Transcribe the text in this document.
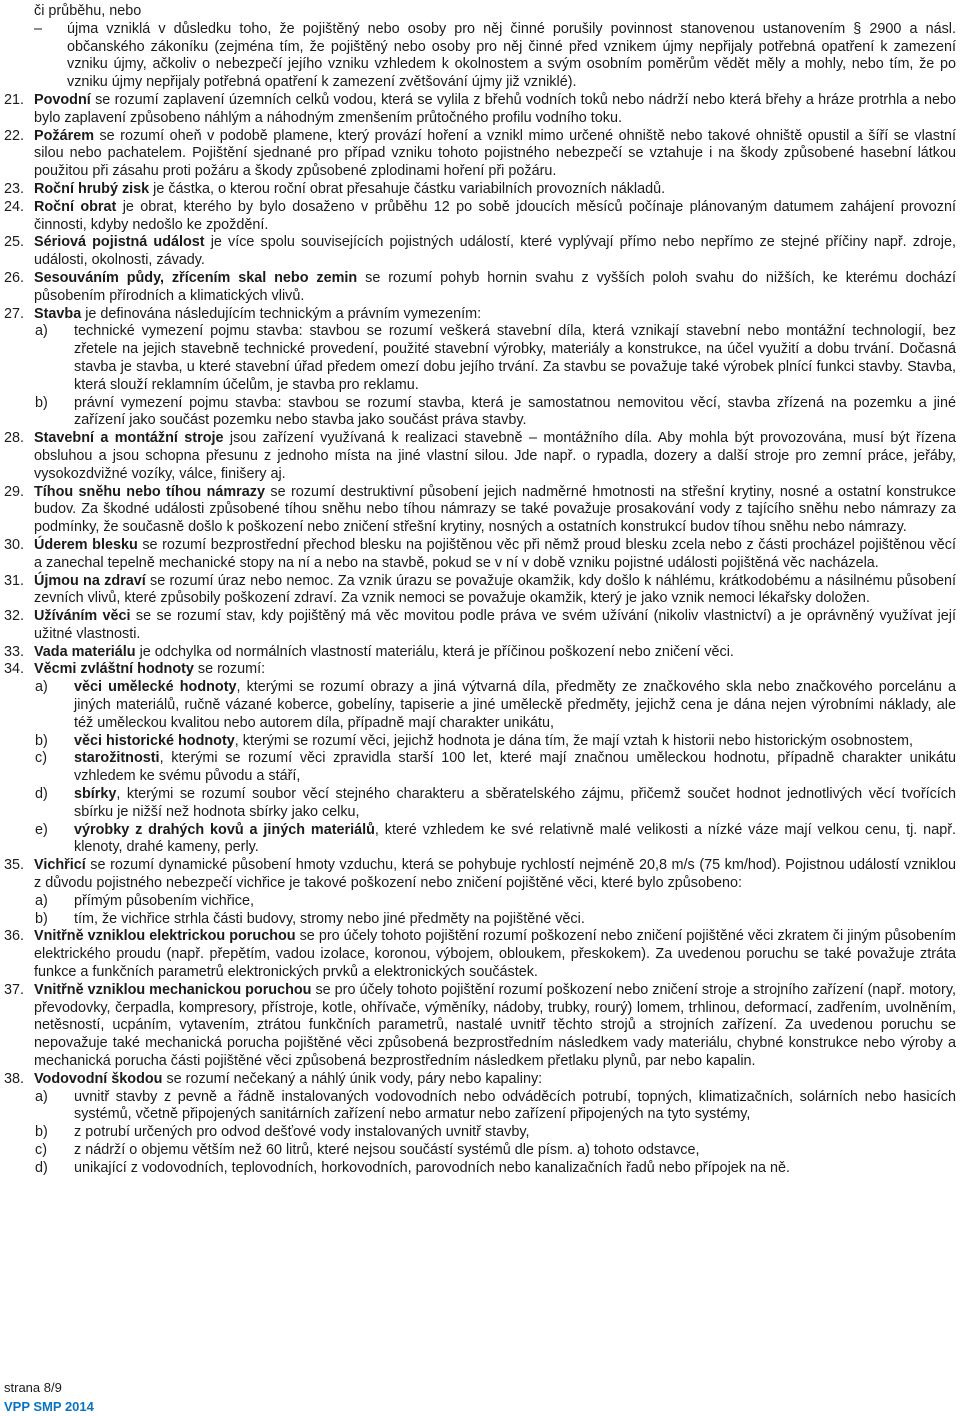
či průběhu, nebo
– újma vzniklá v důsledku toho, že pojištěný nebo osoby pro něj činné porušily povinnost stanovenou ustanovením § 2900 a násl. občanského zákoníku (zejména tím, že pojištěný nebo osoby pro něj činné před vznikem újmy nepřijaly potřebná opatření k zamezení vzniku újmy, ačkoliv o nebezpečí jejího vzniku vzhledem k okolnostem a svým osobním poměrům vědět měly a mohly, nebo tím, že po vzniku újmy nepřijaly potřebná opatření k zamezení zvětšování újmy již vzniklé).
21. Povodní se rozumí zaplavení územních celků vodou, která se vylila z břehů vodních toků nebo nádrží nebo která břehy a hráze protrhla a nebo bylo zaplavení způsobeno náhlým a náhodným zmenšením průtočného profilu vodního toku.
22. Požárem se rozumí oheň v podobě plamene, který provází hoření a vznikl mimo určené ohniště nebo takové ohniště opustil a šíří se vlastní silou nebo pachatelem. Pojištění sjednané pro případ vzniku tohoto pojistného nebezpečí se vztahuje i na škody způsobené hasební látkou použitou při zásahu proti požáru a škody způsobené zplodinami hoření při požáru.
23. Roční hrubý zisk je částka, o kterou roční obrat přesahuje částku variabilních provozních nákladů.
24. Roční obrat je obrat, kterého by bylo dosaženo v průběhu 12 po sobě jdoucích měsíců počínaje plánovaným datumem zahájení provozní činnosti, kdyby nedošlo ke zpoždění.
25. Sériová pojistná událost je více spolu souvisejících pojistných událostí, které vyplývají přímo nebo nepřímo ze stejné příčiny např. zdroje, události, okolnosti, závady.
26. Sesouváním půdy, zřícením skal nebo zemin se rozumí pohyb hornin svahu z vyšších poloh svahu do nižších, ke kterému dochází působením přírodních a klimatických vlivů.
27. Stavba je definována následujícím technickým a právním vymezením:
a) technické vymezení pojmu stavba: stavbou se rozumí veškerá stavební díla, která vznikají stavební nebo montážní technologií, bez zřetele na jejich stavebně technické provedení, použité stavební výrobky, materiály a konstrukce, na účel využití a dobu trvání. Dočasná stavba je stavba, u které stavební úřad předem omezí dobu jejího trvání. Za stavbu se považuje také výrobek plnící funkci stavby. Stavba, která slouží reklamním účelům, je stavba pro reklamu.
b) právní vymezení pojmu stavba: stavbou se rozumí stavba, která je samostatnou nemovitou věcí, stavba zřízená na pozemku a jiné zařízení jako součást pozemku nebo stavba jako součást práva stavby.
28. Stavební a montážní stroje jsou zařízení využívaná k realizaci stavebně – montážního díla. Aby mohla být provozována, musí být řízena obsluhou a jsou schopna přesunu z jednoho místa na jiné vlastní silou. Jde např. o rypadla, dozery a další stroje pro zemní práce, jeřáby, vysokozdvižné vozíky, válce, finišery aj.
29. Tíhou sněhu nebo tíhou námrazy se rozumí destruktivní působení jejich nadměrné hmotnosti na střešní krytiny, nosné a ostatní konstrukce budov. Za škodné události způsobené tíhou sněhu nebo tíhou námrazy se také považuje prosakování vody z tajícího sněhu nebo námrazy za podmínky, že současně došlo k poškození nebo zničení střešní krytiny, nosných a ostatních konstrukcí budov tíhou sněhu nebo námrazy.
30. Úderem blesku se rozumí bezprostřední přechod blesku na pojištěnou věc při němž proud blesku zcela nebo z části procházel pojištěnou věcí a zanechal tepelně mechanické stopy na ní a nebo na stavbě, pokud se v ní v době vzniku pojistné události pojištěná věc nacházela.
31. Újmou na zdraví se rozumí úraz nebo nemoc. Za vznik úrazu se považuje okamžik, kdy došlo k náhlému, krátkodobému a násilnému působení zevních vlivů, které způsobily poškození zdraví. Za vznik nemoci se považuje okamžik, který je jako vznik nemoci lékařsky doložen.
32. Užíváním věci se se rozumí stav, kdy pojištěný má věc movitou podle práva ve svém užívání (nikoliv vlastnictví) a je oprávněný využívat její užitné vlastnosti.
33. Vada materiálu je odchylka od normálních vlastností materiálu, která je příčinou poškození nebo zničení věci.
34. Věcmi zvláštní hodnoty se rozumí:
a) věci umělecké hodnoty, kterými se rozumí obrazy a jiná výtvarná díla, předměty ze značkového skla nebo značkového porcelánu a jiných materiálů, ručně vázané koberce, gobelíny, tapiserie a jiné uměleckě předměty, jejichž cena je dána nejen výrobními náklady, ale též uměleckou kvalitou nebo autorem díla, případně mají charakter unikátu,
b) věci historické hodnoty, kterými se rozumí věci, jejichž hodnota je dána tím, že mají vztah k historii nebo historickým osobnostem,
c) starožitnosti, kterými se rozumí věci zpravidla starší 100 let, které mají značnou uměleckou hodnotu, případně charakter unikátu vzhledem ke svému původu a stáří,
d) sbírky, kterými se rozumí soubor věcí stejného charakteru a sběratelského zájmu, přičemž součet hodnot jednotlivých věcí tvořících sbírku je nižší než hodnota sbírky jako celku,
e) výrobky z drahých kovů a jiných materiálů, které vzhledem ke své relativně malé velikosti a nízké váze mají velkou cenu, tj. např. klenoty, drahé kameny, perly.
35. Vichřicí se rozumí dynamické působení hmoty vzduchu, která se pohybuje rychlostí nejméně 20,8 m/s (75 km/hod). Pojistnou událostí vzniklou z důvodu pojistného nebezpečí vichřice je takové poškození nebo zničení pojištěné věci, které bylo způsobeno:
a) přímým působením vichřice,
b) tím, že vichřice strhla části budovy, stromy nebo jiné předměty na pojištěné věci.
36. Vnitřně vzniklou elektrickou poruchou se pro účely tohoto pojištění rozumí poškození nebo zničení pojištěné věci zkratem či jiným působením elektrického proudu (např. přepětím, vadou izolace, koronou, výbojem, obloukem, přeskokem). Za uvedenou poruchu se také považuje ztráta funkce a funkčních parametrů elektronických prvků a elektronických součástek.
37. Vnitřně vzniklou mechanickou poruchou se pro účely tohoto pojištění rozumí poškození nebo zničení stroje a strojního zařízení (např. motory, převodovky, čerpadla, kompresory, přístroje, kotle, ohřívače, výměníky, nádoby, trubky, rourý) lomem, trhlinou, deformací, zadřením, uvolněním, netěsností, ucpáním, vytavením, ztrátou funkčních parametrů, nastalé uvnitř těchto strojů a strojních zařízení. Za uvedenou poruchu se nepovažuje také mechanická porucha pojištěné věci způsobená bezprostředním následkem vady materiálu, chybné konstrukce nebo výroby a mechanická porucha části pojištěné věci způsobená bezprostředním následkem přetlaku plynů, par nebo kapalin.
38. Vodovodní škodou se rozumí nečekaný a náhlý únik vody, páry nebo kapaliny:
a) uvnitř stavby z pevně a řádně instalovaných vodovodních nebo odváděcích potrubí, topných, klimatizačních, solárních nebo hasicích systémů, včetně připojených sanitárních zařízení nebo armatur nebo zařízení připojených na tyto systémy,
b) z potrubí určených pro odvod dešťové vody instalovaných uvnitř stavby,
c) z nádrží o objemu větším než 60 litrů, které nejsou součástí systémů dle písm. a) tohoto odstavce,
d) unikající z vodovodních, teplovodních, horkovodních, parovodních nebo kanalizačních řadů nebo přípojek na ně.
strana 8/9
VPP SMP 2014
